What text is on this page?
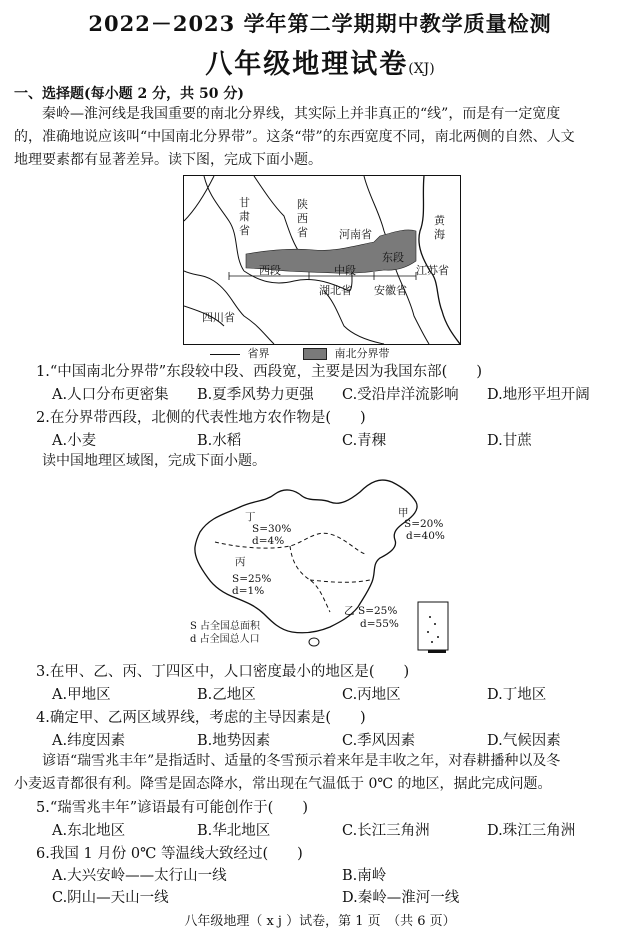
2022－2023 学年第二学期期中教学质量检测
八年级地理试卷(XJ)
一、选择题(每小题 2 分，共 50 分)
秦岭—淮河线是我国重要的南北分界线，其实际上并非真正的“线”，而是有一定宽度
的，准确地说应该叫“中国南北分界带”。这条“带”的东西宽度不同，南北两侧的自然、人文
地理要素都有显著差异。读下图，完成下面小题。
甘
肃
省
陕
西
省	河南省
黄
海
江苏省
西段	中段
东段
湖北省 安徽省
四川省
省界	南北分界带
1.“中国南北分界带”东段较中段、西段宽，主要是因为我国东部(　　)
A.人口分布更密集	B.夏季风势力更强	C.受沿岸洋流影响	D.地形平坦开阔
2.在分界带西段，北侧的代表性地方农作物是(　　)
A.小麦	B.水稻	C.青稞	D.甘蔗
读中国地理区域图，完成下面小题。
丁
S=30%
d=4%
甲
S=20%
d=40%
丙
S=25%
d=1%
乙 S=25%
d=55%
S 占全国总面积
d 占全国总人口
3.在甲、乙、丙、丁四区中，人口密度最小的地区是(　　)
A.甲地区	B.乙地区	C.丙地区	D.丁地区
4.确定甲、乙两区域界线，考虑的主导因素是(　　)
A.纬度因素	B.地势因素	C.季风因素	D.气候因素
谚语“瑞雪兆丰年”是指适时、适量的冬雪预示着来年是丰收之年，对春耕播种以及冬
小麦返青都很有利。降雪是固态降水，常出现在气温低于 0℃ 的地区，据此完成问题。
5.“瑞雪兆丰年”谚语最有可能创作于(　　)
A.东北地区	B.华北地区	C.长江三角洲	D.珠江三角洲
6.我国 1 月份 0℃ 等温线大致经过(　　)
A.大兴安岭——太行山一线	B.南岭
C.阴山—天山一线	D.秦岭—淮河一线
八年级地理（ x j ）试卷，第 1 页　（共 6 页）
